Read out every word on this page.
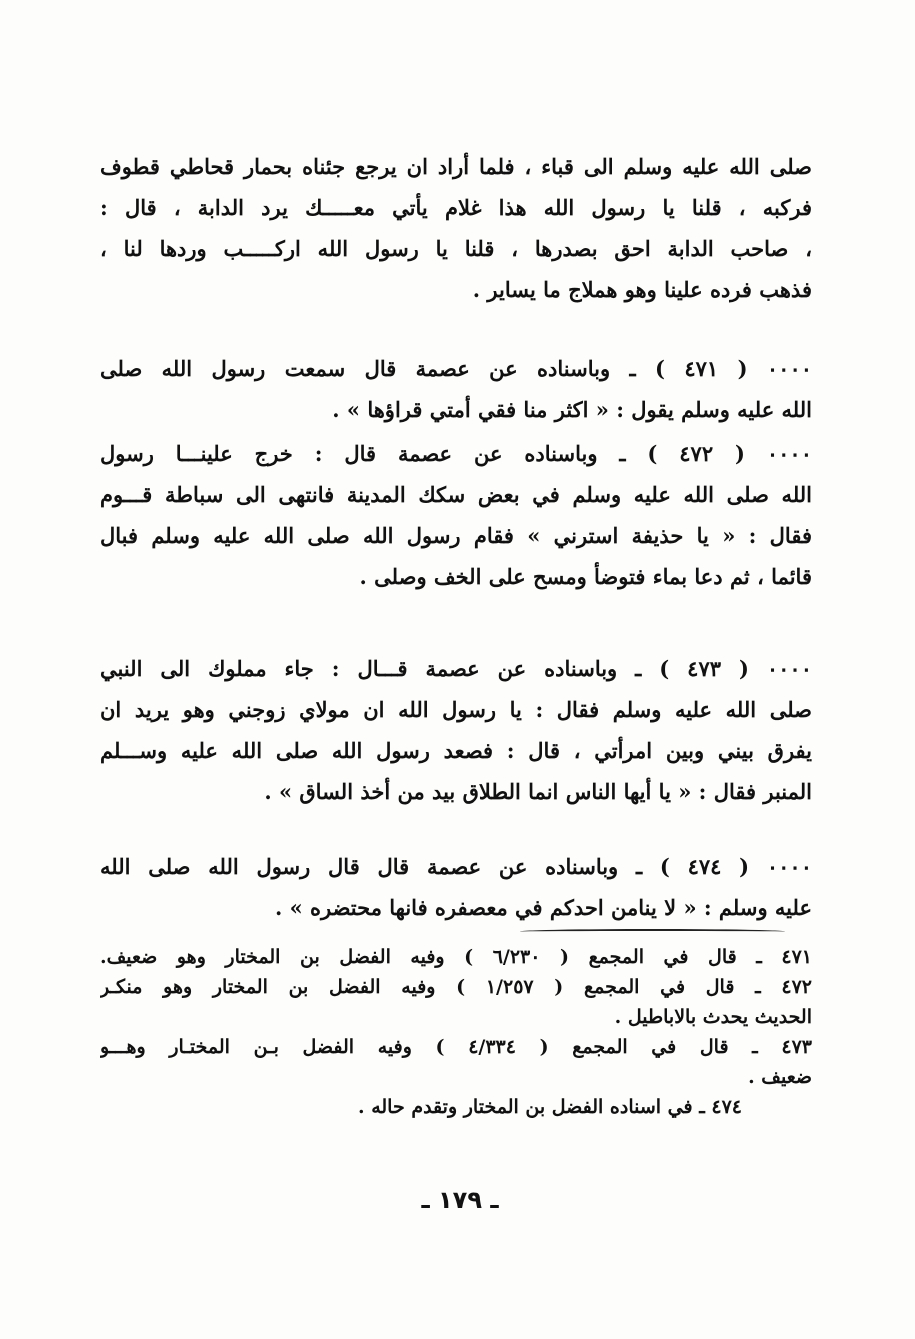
صلى الله عليه وسلم الى قباء ، فلما أراد ان يرجع جئناه بحمار قحاطي قطوف
فركبه ، قلنا يا رسول الله هذا غلام يأتي معـــــك يرد الدابة ، قال :
، صاحب الدابة احق بصدرها ، قلنا يا رسول الله اركـــــب وردها لنا ،
فذهب فرده علينا وهو هملاج ما يساير .
٠٠٠٠ ( ٤٧١ ) ـ وباسناده عن عصمة قال سمعت رسول الله صلى
الله عليه وسلم يقول : « اكثر منا فقي أمتي قراؤها » .
٠٠٠٠ ( ٤٧٢ ) ـ وباسناده عن عصمة قال : خرج علينـــا رسول
الله صلى الله عليه وسلم في بعض سكك المدينة فانتهى الى سباطة قـــوم
فقال : « يا حذيفة استرني » فقام رسول الله صلى الله عليه وسلم فبال
قائما ، ثم دعا بماء فتوضأ ومسح على الخف وصلى .
٠٠٠٠ ( ٤٧٣ ) ـ وباسناده عن عصمة قـــال : جاء مملوك الى النبي
صلى الله عليه وسلم فقال : يا رسول الله ان مولاي زوجني وهو يريد ان
يفرق بيني وبين امرأتي ، قال : فصعد رسول الله صلى الله عليه وســـلم
المنبر فقال : « يا أيها الناس انما الطلاق بيد من أخذ الساق » .
٠٠٠٠ ( ٤٧٤ ) ـ وباسناده عن عصمة قال قال رسول الله صلى الله
عليه وسلم : « لا ينامن احدكم في معصفره فانها محتضره » .
٤٧١ ـ قال في المجمع ( ٦/٢٣٠ ) وفيه الفضل بن المختار وهو ضعيف.
٤٧٢ ـ قال في المجمع ( ١/٢٥٧ ) وفيه الفضل بن المختار وهو منكـر
الحديث يحدث بالاباطيل .
٤٧٣ ـ قال في المجمع ( ٤/٣٣٤ ) وفيه الفضل بـن المختـار وهـــو
ضعيف .
٤٧٤ ـ في اسناده الفضل بن المختار وتقدم حاله .
ـ ١٧٩ ـ
